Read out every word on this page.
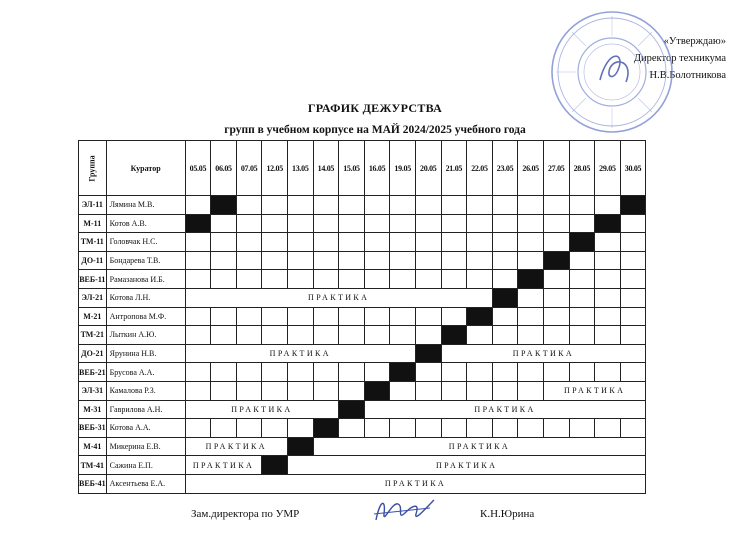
«Утверждаю»
Директор техникума
Н.В.Болотникова
ГРАФИК ДЕЖУРСТВА
групп в учебном корпусе на МАЙ 2024/2025 учебного года
Группа	Куратор	05.05	06.05	07.05	12.05	13.05	14.05	15.05	16.05	19.05	20.05	21.05	22.05	23.05	26.05	27.05	28.05	29.05	30.05
ЭЛ-11	Лямина М.В.																		
М-11	Котов А.В.																		
ТМ-11	Головчак Н.С.																		
ДО-11	Бондарева Т.В.																		
ВЕБ-11	Рамазанова И.Б.																		
ЭЛ-21	Котова Л.Н.	ПРАКТИКА																	
М-21	Антропова М.Ф.																		
ТМ-21	Лыткин А.Ю.																		
ДО-21	Ярунина Н.В.	ПРАКТИКА										ПРАКТИКА							
ВЕБ-21	Брусова А.А.																		
ЭЛ-31	Камалова Р.З.															ПРАКТИКА			
М-31	Гаврилова А.Н.	ПРАКТИКА							ПРАКТИКА										
ВЕБ-31	Котова А.А.																		
М-41	Микерина Е.В.	ПРАКТИКА					ПРАКТИКА												
ТМ-41	Сажина Е.П.	ПРАКТИКА				ПРАКТИКА													
ВЕБ-41	Аксентьева Е.А.	ПРАКТИКА																	
Зам.директора по УМР	К.Н.Юрина
